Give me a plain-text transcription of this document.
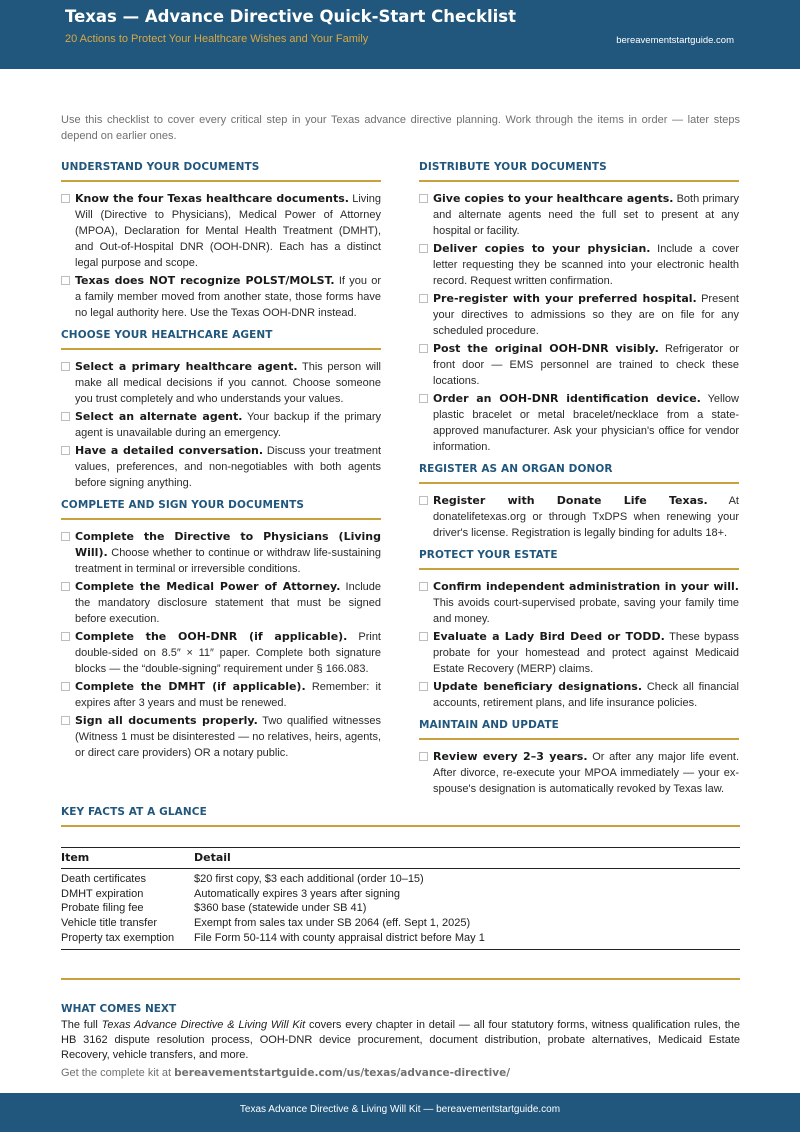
Texas — Advance Directive Quick-Start Checklist
20 Actions to Protect Your Healthcare Wishes and Your Family	bereavementstartguide.com
Use this checklist to cover every critical step in your Texas advance directive planning. Work through the items in order — later steps depend on earlier ones.
UNDERSTAND YOUR DOCUMENTS
Know the four Texas healthcare documents. Living Will (Directive to Physicians), Medical Power of Attorney (MPOA), Declaration for Mental Health Treatment (DMHT), and Out-of-Hospital DNR (OOH-DNR). Each has a distinct legal purpose and scope.
Texas does NOT recognize POLST/MOLST. If you or a family member moved from another state, those forms have no legal authority here. Use the Texas OOH-DNR instead.
CHOOSE YOUR HEALTHCARE AGENT
Select a primary healthcare agent. This person will make all medical decisions if you cannot. Choose someone you trust completely and who understands your values.
Select an alternate agent. Your backup if the primary agent is unavailable during an emergency.
Have a detailed conversation. Discuss your treatment values, preferences, and non-negotiables with both agents before signing anything.
COMPLETE AND SIGN YOUR DOCUMENTS
Complete the Directive to Physicians (Living Will). Choose whether to continue or withdraw life-sustaining treatment in terminal or irreversible conditions.
Complete the Medical Power of Attorney. Include the mandatory disclosure statement that must be signed before execution.
Complete the OOH-DNR (if applicable). Print double-sided on 8.5″ × 11″ paper. Complete both signature blocks — the “double-signing” requirement under § 166.083.
Complete the DMHT (if applicable). Remember: it expires after 3 years and must be renewed.
Sign all documents properly. Two qualified witnesses (Witness 1 must be disinterested — no relatives, heirs, agents, or direct care providers) OR a notary public.
DISTRIBUTE YOUR DOCUMENTS
Give copies to your healthcare agents. Both primary and alternate agents need the full set to present at any hospital or facility.
Deliver copies to your physician. Include a cover letter requesting they be scanned into your electronic health record. Request written confirmation.
Pre-register with your preferred hospital. Present your directives to admissions so they are on file for any scheduled procedure.
Post the original OOH-DNR visibly. Refrigerator or front door — EMS personnel are trained to check these locations.
Order an OOH-DNR identification device. Yellow plastic bracelet or metal bracelet/necklace from a state-approved manufacturer. Ask your physician's office for vendor information.
REGISTER AS AN ORGAN DONOR
Register with Donate Life Texas. At donatelifetexas.org or through TxDPS when renewing your driver's license. Registration is legally binding for adults 18+.
PROTECT YOUR ESTATE
Confirm independent administration in your will. This avoids court-supervised probate, saving your family time and money.
Evaluate a Lady Bird Deed or TODD. These bypass probate for your homestead and protect against Medicaid Estate Recovery (MERP) claims.
Update beneficiary designations. Check all financial accounts, retirement plans, and life insurance policies.
MAINTAIN AND UPDATE
Review every 2–3 years. Or after any major life event. After divorce, re-execute your MPOA immediately — your ex-spouse's designation is automatically revoked by Texas law.
KEY FACTS AT A GLANCE
Item	Detail
Death certificates	$20 first copy, $3 each additional (order 10–15)
DMHT expiration	Automatically expires 3 years after signing
Probate filing fee	$360 base (statewide under SB 41)
Vehicle title transfer	Exempt from sales tax under SB 2064 (eff. Sept 1, 2025)
Property tax exemption	File Form 50-114 with county appraisal district before May 1
WHAT COMES NEXT
The full Texas Advance Directive & Living Will Kit covers every chapter in detail — all four statutory forms, witness qualification rules, the HB 3162 dispute resolution process, OOH-DNR device procurement, document distribution, probate alternatives, Medicaid Estate Recovery, vehicle transfers, and more.
Get the complete kit at bereavementstartguide.com/us/texas/advance-directive/
Texas Advance Directive & Living Will Kit — bereavementstartguide.com
